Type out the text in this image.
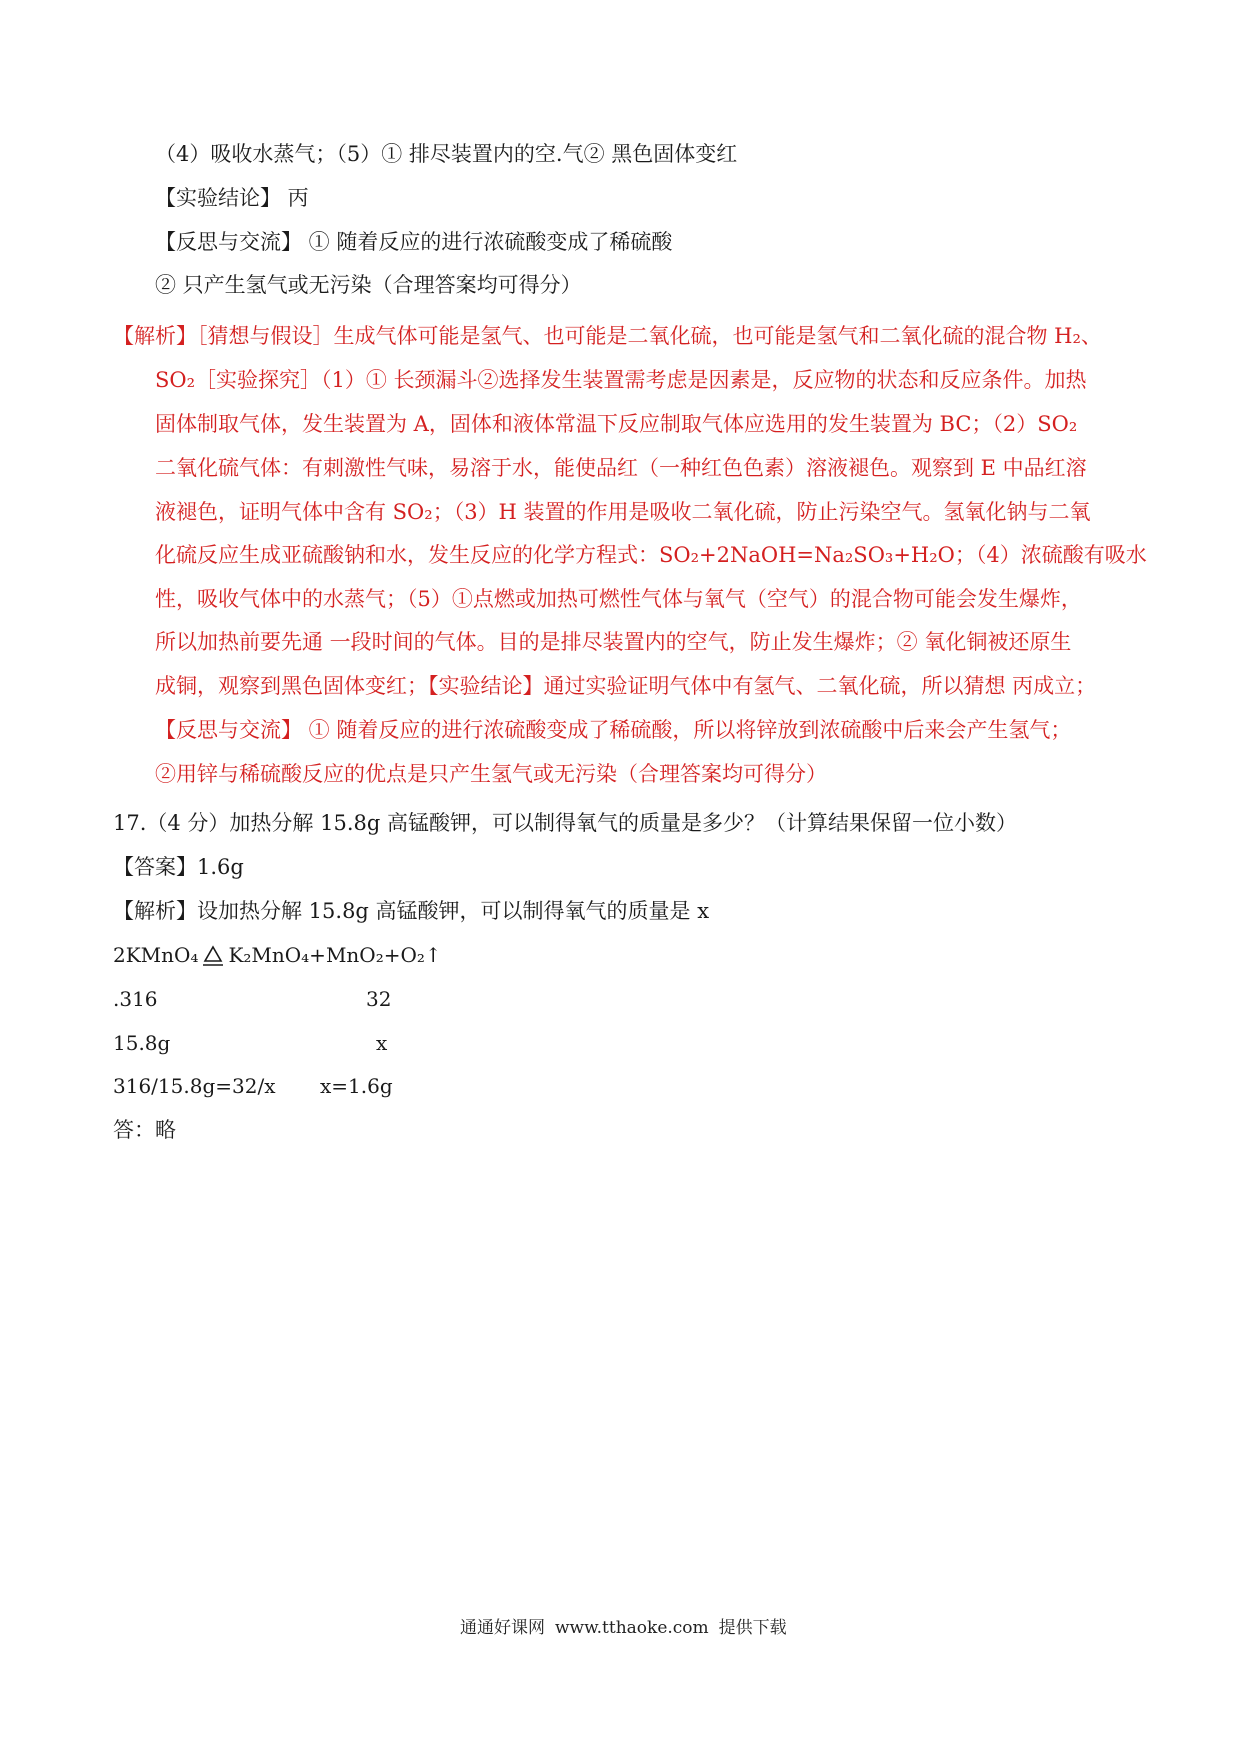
（4）吸收水蒸气；（5）① 排尽装置内的空.气② 黑色固体变红
【实验结论】 丙
【反思与交流】 ① 随着反应的进行浓硫酸变成了稀硫酸
② 只产生氢气或无污染（合理答案均可得分）
【解析】［猜想与假设］生成气体可能是氢气、也可能是二氧化硫，也可能是氢气和二氧化硫的混合物 H₂、
SO₂［实验探究］（1）① 长颈漏斗②选择发生装置需考虑是因素是，反应物的状态和反应条件。加热
固体制取气体，发生装置为 A，固体和液体常温下反应制取气体应选用的发生装置为 BC；（2）SO₂
二氧化硫气体：有刺激性气味，易溶于水，能使品红（一种红色色素）溶液褪色。观察到 E 中品红溶
液褪色，证明气体中含有 SO₂；（3）H 装置的作用是吸收二氧化硫，防止污染空气。氢氧化钠与二氧
化硫反应生成亚硫酸钠和水，发生反应的化学方程式：SO₂+2NaOH=Na₂SO₃+H₂O；（4）浓硫酸有吸水
性，吸收气体中的水蒸气；（5）①点燃或加热可燃性气体与氧气（空气）的混合物可能会发生爆炸，
所以加热前要先通 一段时间的气体。目的是排尽装置内的空气，防止发生爆炸；② 氧化铜被还原生
成铜，观察到黑色固体变红；【实验结论】通过实验证明气体中有氢气、二氧化硫，所以猜想 丙成立；
【反思与交流】 ① 随着反应的进行浓硫酸变成了稀硫酸，所以将锌放到浓硫酸中后来会产生氢气；
②用锌与稀硫酸反应的优点是只产生氢气或无污染（合理答案均可得分）
17.（4 分）加热分解 15.8g 高锰酸钾，可以制得氧气的质量是多少？（计算结果保留一位小数）
【答案】1.6g
【解析】设加热分解 15.8g 高锰酸钾，可以制得氧气的质量是 x
2KMnO₄ K₂MnO₄+MnO₂+O₂↑
.316	32
15.8g	x
316/15.8g=32/x x=1.6g
答：略
通通好课网 www.tthaoke.com 提供下载
